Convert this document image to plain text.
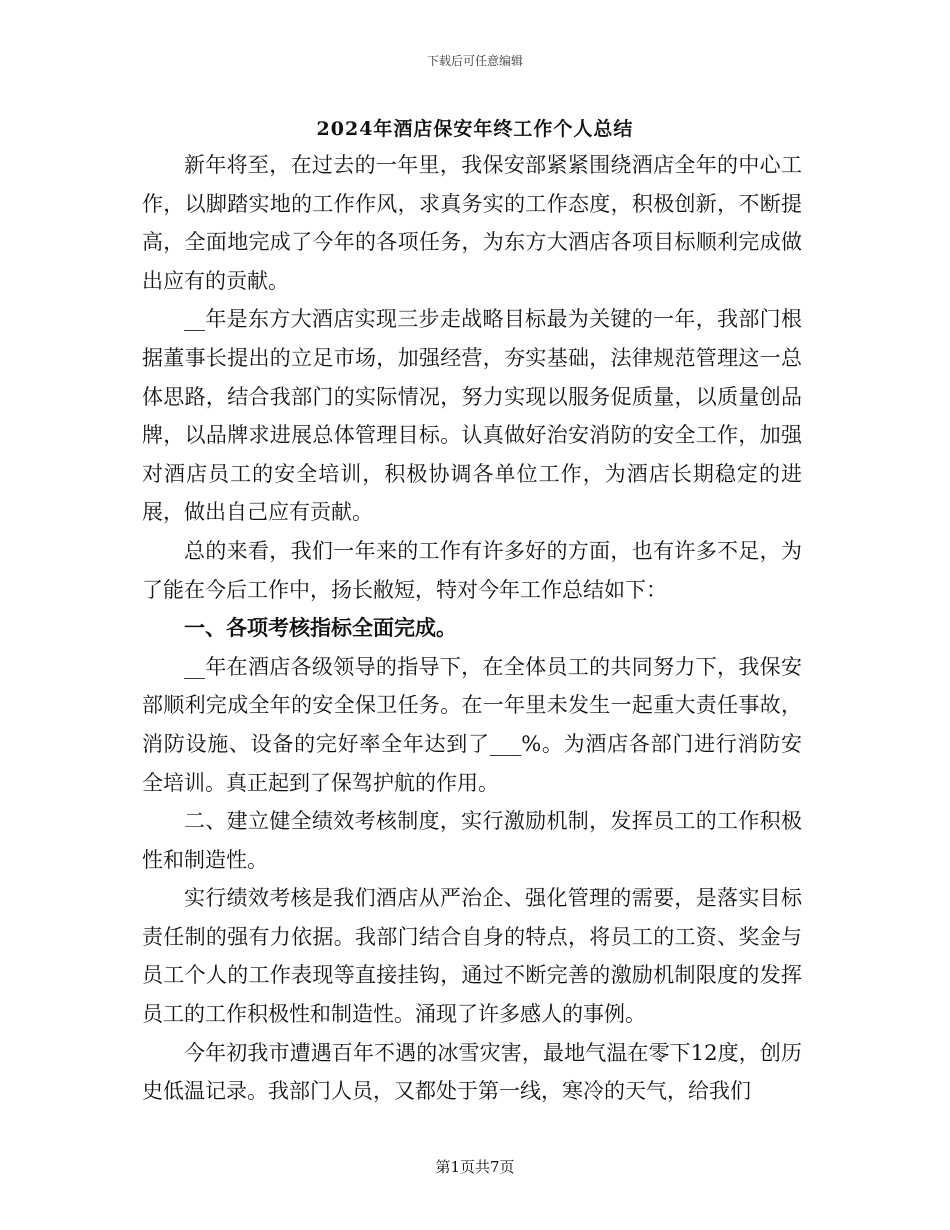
下载后可任意编辑
2024年酒店保安年终工作个人总结

新年将至，在过去的一年里，我保安部紧紧围绕酒店全年的中心工作，以脚踏实地的工作作风，求真务实的工作态度，积极创新，不断提高，全面地完成了今年的各项任务，为东方大酒店各项目标顺利完成做出应有的贡献。

__年是东方大酒店实现三步走战略目标最为关键的一年，我部门根据董事长提出的立足市场，加强经营，夯实基础，法律规范管理这一总体思路，结合我部门的实际情况，努力实现以服务促质量，以质量创品牌，以品牌求进展总体管理目标。认真做好治安消防的安全工作，加强对酒店员工的安全培训，积极协调各单位工作，为酒店长期稳定的进展，做出自己应有贡献。

总的来看，我们一年来的工作有许多好的方面，也有许多不足，为了能在今后工作中，扬长敝短，特对今年工作总结如下：

一、各项考核指标全面完成。

__年在酒店各级领导的指导下，在全体员工的共同努力下，我保安部顺利完成全年的安全保卫任务。在一年里未发生一起重大责任事故，消防设施、设备的完好率全年达到了___%。为酒店各部门进行消防安全培训。真正起到了保驾护航的作用。

二、建立健全绩效考核制度，实行激励机制，发挥员工的工作积极性和制造性。

实行绩效考核是我们酒店从严治企、强化管理的需要，是落实目标责任制的强有力依据。我部门结合自身的特点，将员工的工资、奖金与员工个人的工作表现等直接挂钩，通过不断完善的激励机制限度的发挥员工的工作积极性和制造性。涌现了许多感人的事例。

今年初我市遭遇百年不遇的冰雪灾害，最地气温在零下12度，创历史低温记录。我部门人员，又都处于第一线，寒冷的天气，给我们

第1页共7页
